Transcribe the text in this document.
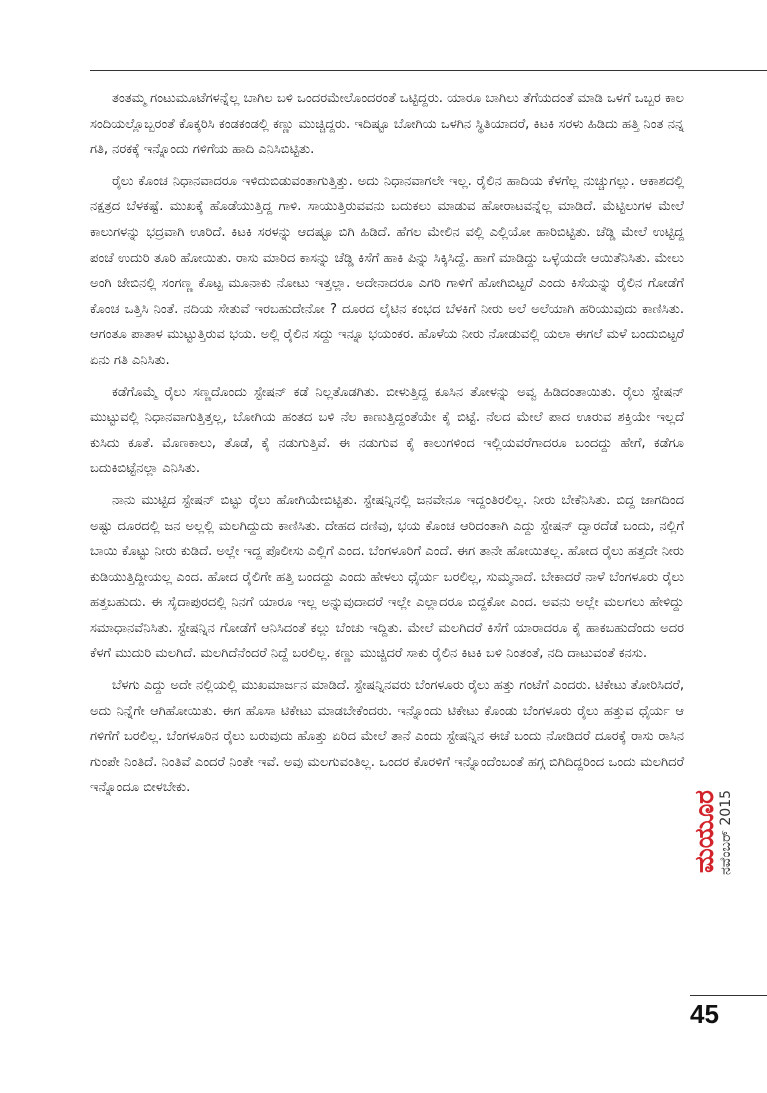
ತಂತಮ್ಮ ಗಂಟುಮೂಟೆಗಳನ್ನೆಲ್ಲ ಬಾಗಿಲ ಬಳಿ ಒಂದರಮೇಲೊಂದರಂತೆ ಒಟ್ಟಿದ್ದರು. ಯಾರೂ ಬಾಗಿಲು ತೆಗೆಯದಂತೆ ಮಾಡಿ ಒಳಗೆ ಒಬ್ಬರ ಕಾಲ ಸಂದಿಯಲ್ಲೊಬ್ಬರಂತೆ ಕೊಕ್ಕರಿಸಿ ಕಂಡಕಂಡಲ್ಲಿ ಕಣ್ಣು ಮುಚ್ಚಿದ್ದರು. ಇದಿಷ್ಟೂ ಬೋಗಿಯ ಒಳಗಿನ ಸ್ಥಿತಿಯಾದರೆ, ಕಿಟಕಿ ಸರಳು ಹಿಡಿದು ಹತ್ತಿ ನಿಂತ ನನ್ನ ಗತಿ, ನರಕಕ್ಕೆ ಇನ್ನೊಂದು ಗಳಿಗೆಯ ಹಾದಿ ಎನಿಸಿಬಿಟ್ಟಿತು.

ರೈಲು ಕೊಂಚ ನಿಧಾನವಾದರೂ ಇಳಿದುಬಿಡುವಂತಾಗುತ್ತಿತ್ತು. ಅದು ನಿಧಾನವಾಗಲೇ ಇಲ್ಲ. ರೈಲಿನ ಹಾದಿಯ ಕೆಳಗೆಲ್ಲ ನುಚ್ಚುಗಲ್ಲು. ಆಕಾಶದಲ್ಲಿ ನಕ್ಷತ್ರದ ಬೆಳಕಷ್ಟೆ. ಮುಖಕ್ಕೆ ಹೊಡೆಯುತ್ತಿದ್ದ ಗಾಳಿ. ಸಾಯುತ್ತಿರುವವನು ಬದುಕಲು ಮಾಡುವ ಹೋರಾಟವನ್ನೆಲ್ಲ ಮಾಡಿದೆ. ಮೆಟ್ಟಿಲುಗಳ ಮೇಲೆ ಕಾಲುಗಳನ್ನು ಭದ್ರವಾಗಿ ಊರಿದೆ. ಕಿಟಕಿ ಸರಳನ್ನು ಆದಷ್ಟೂ ಬಿಗಿ ಹಿಡಿದೆ. ಹೆಗಲ ಮೇಲಿನ ವಲ್ಲಿ ಎಲ್ಲಿಯೋ ಹಾರಿಬಿಟ್ಟಿತು. ಚೆಡ್ಡಿ ಮೇಲೆ ಉಟ್ಟಿದ್ದ ಪಂಚೆ ಉದುರಿ ತೂರಿ ಹೋಯಿತು. ರಾಸು ಮಾರಿದ ಕಾಸನ್ನು ಚೆಡ್ಡಿ ಕಿಸೆಗೆ ಹಾಕಿ ಪಿನ್ನು ಸಿಕ್ಕಿಸಿದ್ದೆ. ಹಾಗೆ ಮಾಡಿದ್ದು ಒಳ್ಳೆಯದೇ ಆಯಿತೆನಿಸಿತು. ಮೇಲು ಅಂಗಿ ಜೇಬಿನಲ್ಲಿ ಸಂಗಣ್ಣ ಕೊಟ್ಟ ಮೂನಾಕು ನೋಟು ಇತ್ತಲ್ಲಾ. ಅದೇನಾದರೂ ಎಗರಿ ಗಾಳಿಗೆ ಹೋಗಿಬಿಟ್ಟರೆ ಎಂದು ಕಿಸೆಯನ್ನು ರೈಲಿನ ಗೋಡೆಗೆ ಕೊಂಚ ಒತ್ತಿಸಿ ನಿಂತೆ. ನದಿಯ ಸೇತುವೆ ಇರಬಹುದೇನೋ ? ದೂರದ ಲೈಟಿನ ಕಂಭದ ಬೆಳಕಿಗೆ ನೀರು ಅಲೆ ಅಲೆಯಾಗಿ ಹರಿಯುವುದು ಕಾಣಿಸಿತು. ಆಗಂತೂ ಪಾತಾಳ ಮುಟ್ಟುತ್ತಿರುವ ಭಯ. ಅಲ್ಲಿ ರೈಲಿನ ಸದ್ದು ಇನ್ನೂ ಭಯಂಕರ. ಹೊಳೆಯ ನೀರು ನೋಡುವಲ್ಲಿ ಯಲಾ ಈಗಲೆ ಮಳೆ ಬಂದುಬಿಟ್ಟರೆ ಏನು ಗತಿ ಎನಿಸಿತು.

ಕಡೆಗೊಮ್ಮೆ ರೈಲು ಸಣ್ಣದೊಂದು ಸ್ಟೇಷನ್ ಕಡೆ ನಿಲ್ಲತೊಡಗಿತು. ಬೀಳುತ್ತಿದ್ದ ಕೂಸಿನ ತೋಳನ್ನು ಅವ್ವ ಹಿಡಿದಂತಾಯಿತು. ರೈಲು ಸ್ಟೇಷನ್ ಮುಟ್ಟುವಲ್ಲಿ ನಿಧಾನವಾಗುತ್ತಿತ್ತಲ್ಲ, ಬೋಗಿಯ ಹಂತದ ಬಳಿ ನೆಲ ಕಾಣುತ್ತಿದ್ದಂತೆಯೇ ಕೈ ಬಿಟ್ಟೆ. ನೆಲದ ಮೇಲೆ ಪಾದ ಊರುವ ಶಕ್ತಿಯೇ ಇಲ್ಲದೆ ಕುಸಿದು ಕೂತೆ. ಮೊಣಕಾಲು, ತೊಡೆ, ಕೈ ನಡುಗುತ್ತಿವೆ. ಈ ನಡುಗುವ ಕೈ ಕಾಲುಗಳಿಂದ ಇಲ್ಲಿಯವರೆಗಾದರೂ ಬಂದದ್ದು ಹೇಗೆ, ಕಡೆಗೂ ಬದುಕಿಬಿಟ್ಟೆನಲ್ಲಾ ಎನಿಸಿತು.

ನಾನು ಮುಟ್ಟಿದ ಸ್ಟೇಷನ್ ಬಿಟ್ಟು ರೈಲು ಹೋಗಿಯೇಬಿಟ್ಟಿತು. ಸ್ಟೇಷನ್ನಿನಲ್ಲಿ ಜನವೇನೂ ಇದ್ದಂತಿರಲಿಲ್ಲ. ನೀರು ಬೇಕೆನಿಸಿತು. ಬಿದ್ದ ಜಾಗದಿಂದ ಅಷ್ಟು ದೂರದಲ್ಲಿ ಜನ ಅಲ್ಲಲ್ಲಿ ಮಲಗಿದ್ದುದು ಕಾಣಿಸಿತು. ದೇಹದ ದಣಿವು, ಭಯ ಕೊಂಚ ಆರಿದಂತಾಗಿ ಎದ್ದು ಸ್ಟೇಷನ್ ದ್ವಾರದೆಡೆ ಬಂದು, ನಲ್ಲಿಗೆ ಬಾಯಿ ಕೊಟ್ಟು ನೀರು ಕುಡಿದೆ. ಅಲ್ಲೇ ಇದ್ದ ಪೊಲೀಸು ಎಲ್ಲಿಗೆ ಎಂದ. ಬೆಂಗಳೂರಿಗೆ ಎಂದೆ. ಈಗ ತಾನೇ ಹೋಯಿತಲ್ಲ. ಹೋದ ರೈಲು ಹತ್ತದೇ ನೀರು ಕುಡಿಯುತ್ತಿದ್ದೀಯಲ್ಲ ಎಂದ. ಹೋದ ರೈಲಿಗೇ ಹತ್ತಿ ಬಂದದ್ದು ಎಂದು ಹೇಳಲು ಧೈರ್ಯ ಬರಲಿಲ್ಲ, ಸುಮ್ಮನಾದೆ. ಬೇಕಾದರೆ ನಾಳೆ ಬೆಂಗಳೂರು ರೈಲು ಹತ್ತಬಹುದು. ಈ ಸೈದಾಪುರದಲ್ಲಿ ನಿನಗೆ ಯಾರೂ ಇಲ್ಲ ಅನ್ನುವುದಾದರೆ ಇಲ್ಲೇ ಎಲ್ಲಾದರೂ ಬಿದ್ದಕೋ ಎಂದ. ಅವನು ಅಲ್ಲೇ ಮಲಗಲು ಹೇಳಿದ್ದು ಸಮಾಧಾನವೆನಿಸಿತು. ಸ್ಟೇಷನ್ನಿನ ಗೋಡೆಗೆ ಆನಿಸಿದಂತೆ ಕಲ್ಲು ಬೆಂಚು ಇದ್ದಿತು. ಮೇಲೆ ಮಲಗಿದರೆ ಕಿಸೆಗೆ ಯಾರಾದರೂ ಕೈ ಹಾಕಬಹುದೆಂದು ಅದರ ಕೆಳಗೆ ಮುದುರಿ ಮಲಗಿದೆ. ಮಲಗಿದೆನೆಂದರೆ ನಿದ್ದೆ ಬರಲಿಲ್ಲ. ಕಣ್ಣು ಮುಚ್ಚಿದರೆ ಸಾಕು ರೈಲಿನ ಕಿಟಕಿ ಬಳಿ ನಿಂತಂತೆ, ನದಿ ದಾಟುವಂತೆ ಕನಸು.

ಬೆಳಗು ಎದ್ದು ಅದೇ ನಲ್ಲಿಯಲ್ಲಿ ಮುಖಮಾರ್ಜನ ಮಾಡಿದೆ. ಸ್ಟೇಷನ್ನಿನವರು ಬೆಂಗಳೂರು ರೈಲು ಹತ್ತು ಗಂಟೆಗೆ ಎಂದರು. ಟಿಕೇಟು ತೋರಿಸಿದರೆ, ಅದು ನಿನ್ನೆಗೇ ಆಗಿಹೋಯಿತು. ಈಗ ಹೊಸಾ ಟಿಕೇಟು ಮಾಡಬೇಕೆಂದರು. ಇನ್ನೊಂದು ಟಿಕೇಟು ಕೊಂಡು ಬೆಂಗಳೂರು ರೈಲು ಹತ್ತುವ ಧೈರ್ಯ ಆ ಗಳಿಗೆಗೆ ಬರಲಿಲ್ಲ. ಬೆಂಗಳೂರಿನ ರೈಲು ಬರುವುದು ಹೊತ್ತು ಏರಿದ ಮೇಲೆ ತಾನೆ ಎಂದು ಸ್ಟೇಷನ್ನಿನ ಈಚೆ ಬಂದು ನೋಡಿದರೆ ದೂರಕ್ಕೆ ರಾಸು ರಾಸಿನ ಗುಂಪೇ ನಿಂತಿದೆ. ನಿಂತಿವೆ ಎಂದರೆ ನಿಂತೇ ಇವೆ. ಅವು ಮಲಗುವಂತಿಲ್ಲ. ಒಂದರ ಕೊರಳಿಗೆ ಇನ್ನೊಂದೆಂಬಂತೆ ಹಗ್ಗ ಬಿಗಿದಿದ್ದರಿಂದ ಒಂದು ಮಲಗಿದರೆ ಇನ್ನೊಂದೂ ಬೀಳಬೇಕು.

ಮಯೂರ
ನವೆಂಬರ್ 2015
45
